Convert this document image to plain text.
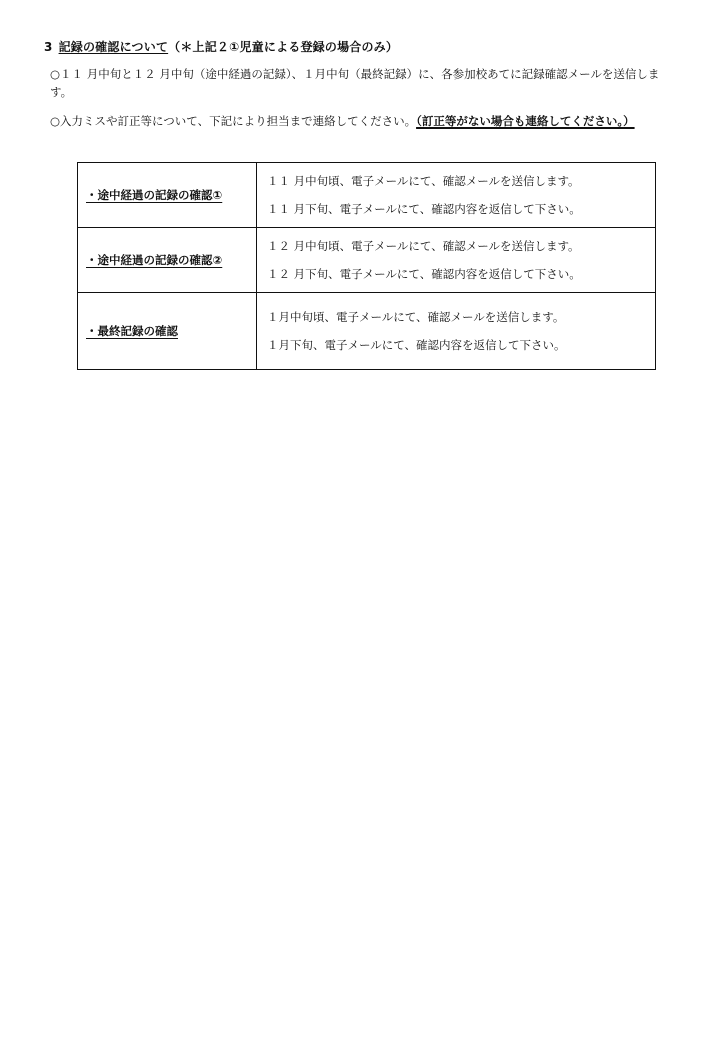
3 記録の確認について（＊上記２①児童による登録の場合のみ）
○１１ 月中旬と１２ 月中旬（途中経過の記録）、１月中旬（最終記録）に、各参加校あてに記録確認メールを送信します。
○入力ミスや訂正等について、下記により担当まで連絡してください。（訂正等がない場合も連絡してください。）
・途中経過の記録の確認①	１１ 月中旬頃、電子メールにて、確認メールを送信します。
１１ 月下旬、電子メールにて、確認内容を返信して下さい。

・途中経過の記録の確認②	１２ 月中旬頃、電子メールにて、確認メールを送信します。
１２ 月下旬、電子メールにて、確認内容を返信して下さい。

・最終記録の確認	１月中旬頃、電子メールにて、確認メールを送信します。
１月下旬、電子メールにて、確認内容を返信して下さい。
